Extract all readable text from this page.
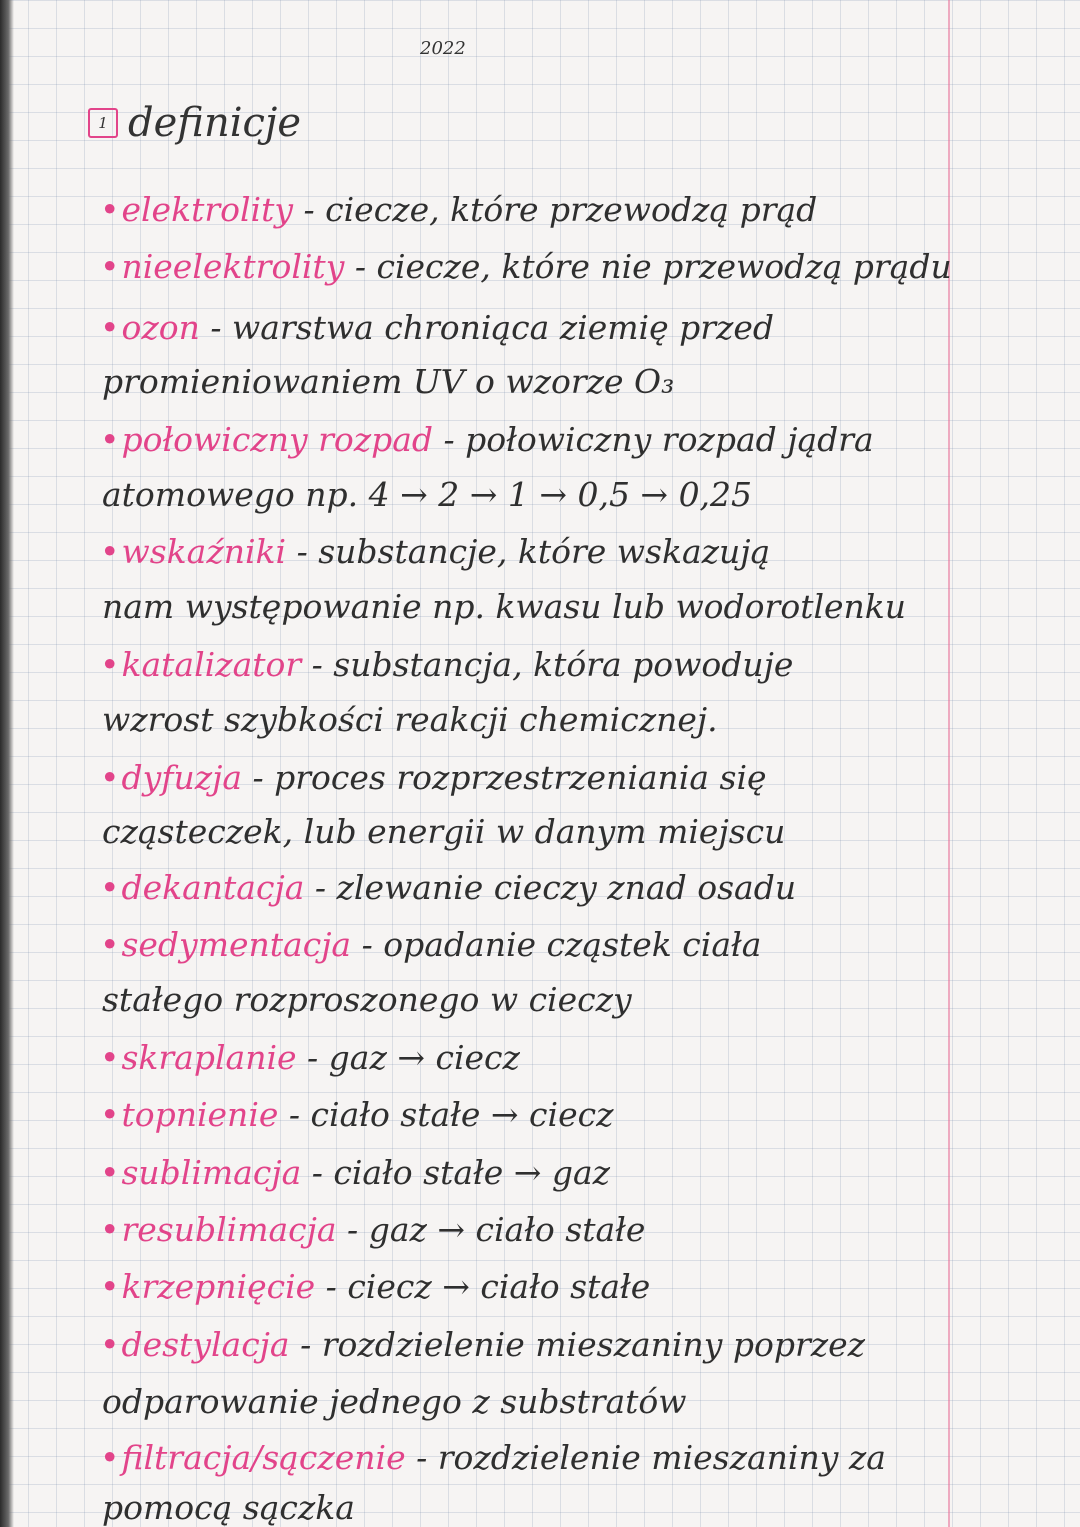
2022
1 definicje
•elektrolity - ciecze, które przewodzą prąd
•nieelektrolity - ciecze, które nie przewodzą prądu
•ozon - warstwa chroniąca ziemię przed
promieniowaniem UV o wzorze O₃
•połowiczny rozpad - połowiczny rozpad jądra
atomowego np. 4 → 2 → 1 → 0,5 → 0,25
•wskaźniki - substancje, które wskazują
nam występowanie np. kwasu lub wodorotlenku
•katalizator - substancja, która powoduje
wzrost szybkości reakcji chemicznej.
•dyfuzja - proces rozprzestrzeniania się
cząsteczek, lub energii w danym miejscu
•dekantacja - zlewanie cieczy znad osadu
•sedymentacja - opadanie cząstek ciała
stałego rozproszonego w cieczy
•skraplanie - gaz → ciecz
•topnienie - ciało stałe → ciecz
•sublimacja - ciało stałe → gaz
•resublimacja - gaz → ciało stałe
•krzepnięcie - ciecz → ciało stałe
•destylacja - rozdzielenie mieszaniny poprzez
odparowanie jednego z substratów
•filtracja/sączenie - rozdzielenie mieszaniny za
pomocą sączka
